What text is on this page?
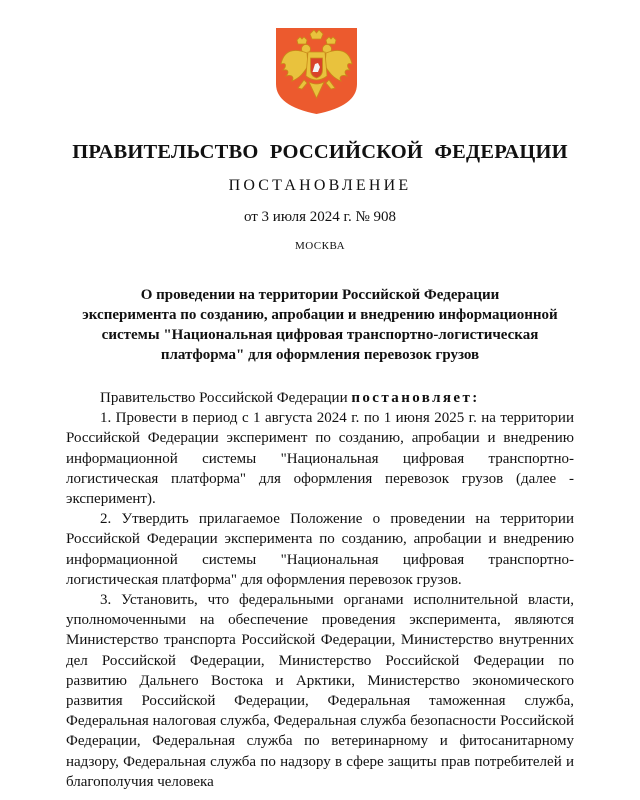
ПРАВИТЕЛЬСТВО РОССИЙСКОЙ ФЕДЕРАЦИИ
ПОСТАНОВЛЕНИЕ
от 3 июля 2024 г. № 908
МОСКВА
О проведении на территории Российской Федерации
эксперимента по созданию, апробации и внедрению информационной
системы "Национальная цифровая транспортно-логистическая
платформа" для оформления перевозок грузов

Правительство Российской Федерации постановляет:

1. Провести в период с 1 августа 2024 г. по 1 июня 2025 г. на территории Российской Федерации эксперимент по созданию, апробации и внедрению информационной системы "Национальная цифровая транспортно-логистическая платформа" для оформления перевозок грузов (далее - эксперимент).

2. Утвердить прилагаемое Положение о проведении на территории Российской Федерации эксперимента по созданию, апробации и внедрению информационной системы "Национальная цифровая транспортно-логистическая платформа" для оформления перевозок грузов.

3. Установить, что федеральными органами исполнительной власти, уполномоченными на обеспечение проведения эксперимента, являются Министерство транспорта Российской Федерации, Министерство внутренних дел Российской Федерации, Министерство Российской Федерации по развитию Дальнего Востока и Арктики, Министерство экономического развития Российской Федерации, Федеральная таможенная служба, Федеральная налоговая служба, Федеральная служба безопасности Российской Федерации, Федеральная служба по ветеринарному и фитосанитарному надзору, Федеральная служба по надзору в сфере защиты прав потребителей и благополучия человека
